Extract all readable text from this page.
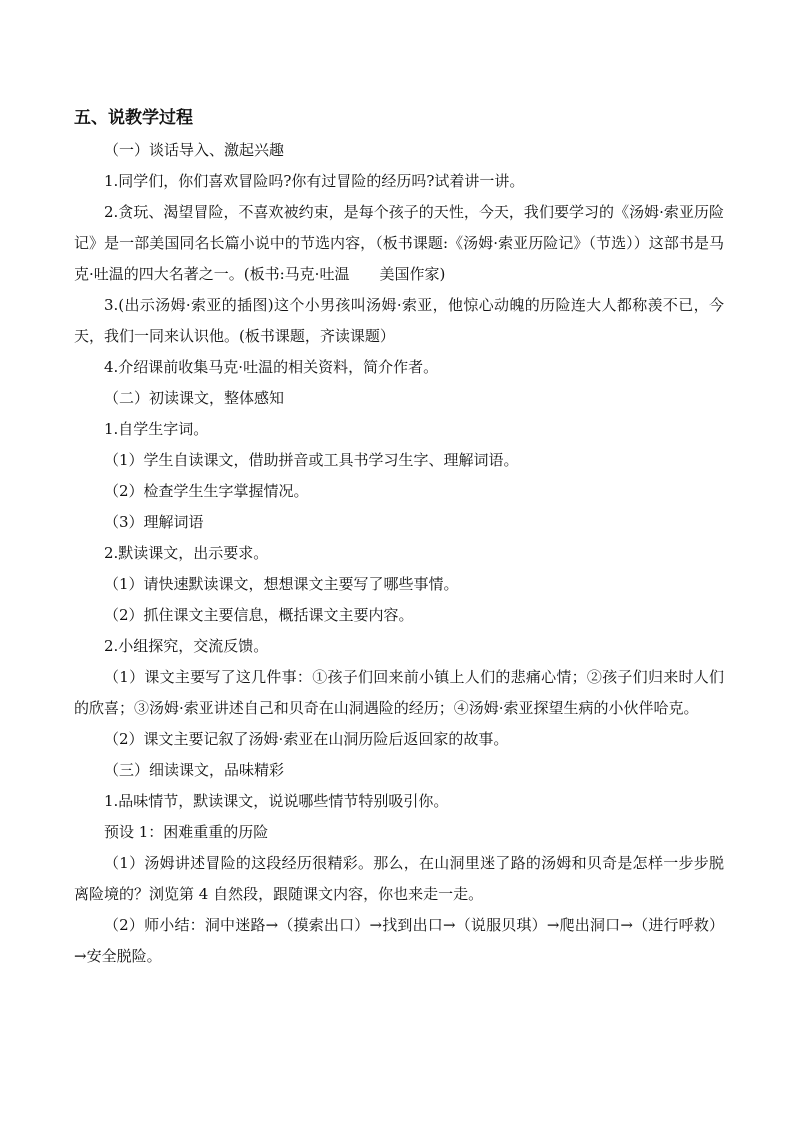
五、说教学过程

（一）谈话导入、激起兴趣

1.同学们，你们喜欢冒险吗?你有过冒险的经历吗?试着讲一讲。

2.贪玩、渴望冒险，不喜欢被约束，是每个孩子的天性，今天，我们要学习的《汤姆·索亚历险记》是一部美国同名长篇小说中的节选内容，（板书课题:《汤姆·索亚历险记》（节选））这部书是马克·吐温的四大名著之一。(板书:马克·吐温　　美国作家)

3.(出示汤姆·索亚的插图)这个小男孩叫汤姆·索亚，他惊心动魄的历险连大人都称羡不已，今天，我们一同来认识他。(板书课题，齐读课题）

4.介绍课前收集马克·吐温的相关资料，简介作者。

（二）初读课文，整体感知

1.自学生字词。

（1）学生自读课文，借助拼音或工具书学习生字、理解词语。

（2）检查学生生字掌握情况。

（3）理解词语

2.默读课文，出示要求。

（1）请快速默读课文，想想课文主要写了哪些事情。

（2）抓住课文主要信息，概括课文主要内容。

2.小组探究，交流反馈。

（1）课文主要写了这几件事：①孩子们回来前小镇上人们的悲痛心情；②孩子们归来时人们的欣喜；③汤姆·索亚讲述自己和贝奇在山洞遇险的经历；④汤姆·索亚探望生病的小伙伴哈克。

（2）课文主要记叙了汤姆·索亚在山洞历险后返回家的故事。

（三）细读课文，品味精彩

1.品味情节，默读课文，说说哪些情节特别吸引你。

预设 1：困难重重的历险

（1）汤姆讲述冒险的这段经历很精彩。那么，在山洞里迷了路的汤姆和贝奇是怎样一步步脱离险境的？浏览第 4 自然段，跟随课文内容，你也来走一走。

（2）师小结：洞中迷路→（摸索出口）→找到出口→（说服贝琪）→爬出洞口→（进行呼救）→安全脱险。
